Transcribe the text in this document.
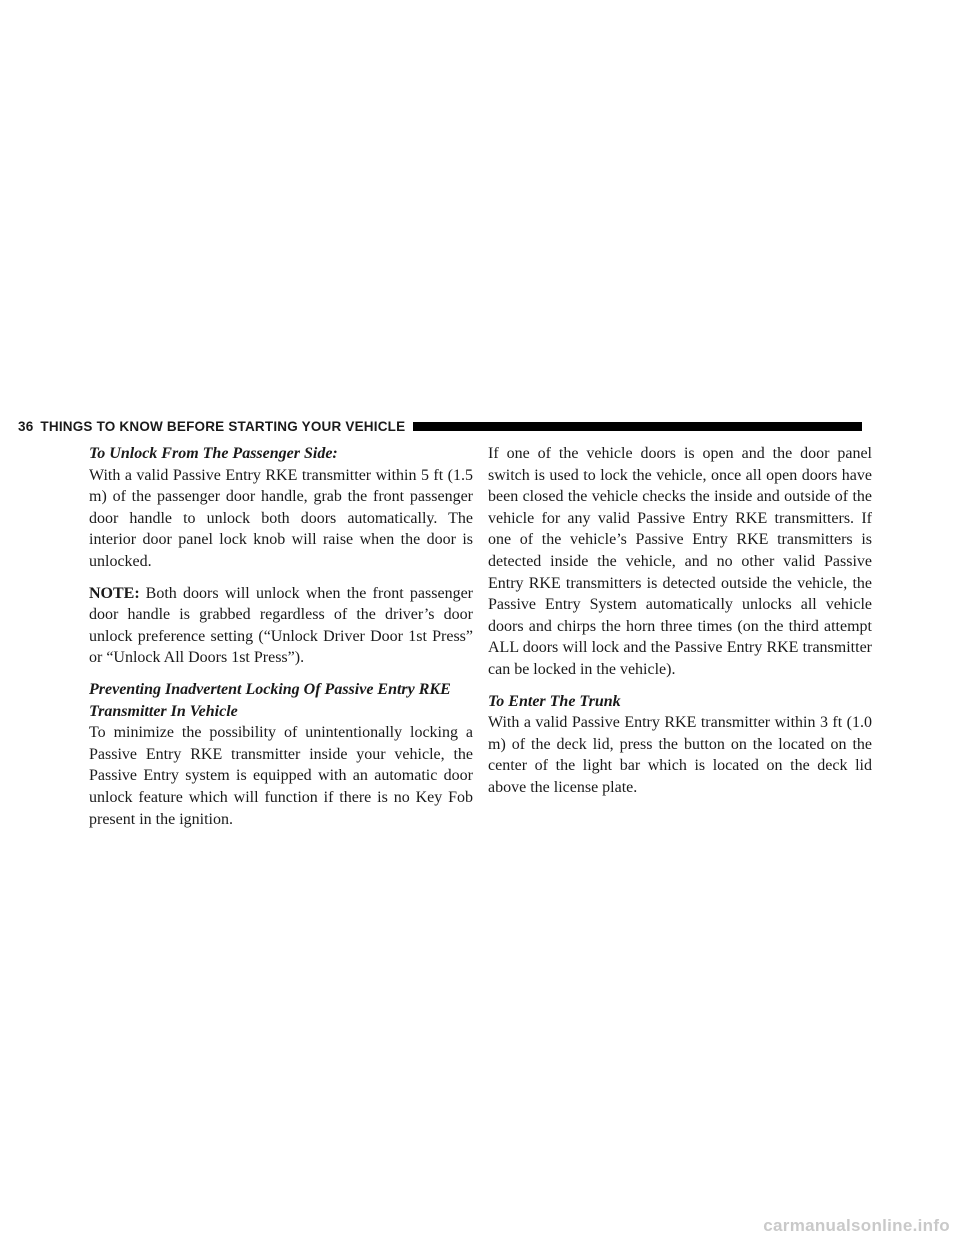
36 THINGS TO KNOW BEFORE STARTING YOUR VEHICLE

To Unlock From The Passenger Side:
With a valid Passive Entry RKE transmitter within 5 ft (1.5 m) of the passenger door handle, grab the front passenger door handle to unlock both doors automatically. The interior door panel lock knob will raise when the door is unlocked.

NOTE: Both doors will unlock when the front passenger door handle is grabbed regardless of the driver’s door unlock preference setting (“Unlock Driver Door 1st Press” or “Unlock All Doors 1st Press”).

Preventing Inadvertent Locking Of Passive Entry RKE Transmitter In Vehicle
To minimize the possibility of unintentionally locking a Passive Entry RKE transmitter inside your vehicle, the Passive Entry system is equipped with an automatic door unlock feature which will function if there is no Key Fob present in the ignition.

If one of the vehicle doors is open and the door panel switch is used to lock the vehicle, once all open doors have been closed the vehicle checks the inside and outside of the vehicle for any valid Passive Entry RKE transmitters. If one of the vehicle’s Passive Entry RKE transmitters is detected inside the vehicle, and no other valid Passive Entry RKE transmitters is detected outside the vehicle, the Passive Entry System automatically unlocks all vehicle doors and chirps the horn three times (on the third attempt ALL doors will lock and the Passive Entry RKE transmitter can be locked in the vehicle).

To Enter The Trunk
With a valid Passive Entry RKE transmitter within 3 ft (1.0 m) of the deck lid, press the button on the located on the center of the light bar which is located on the deck lid above the license plate.

carmanualsonline.info
